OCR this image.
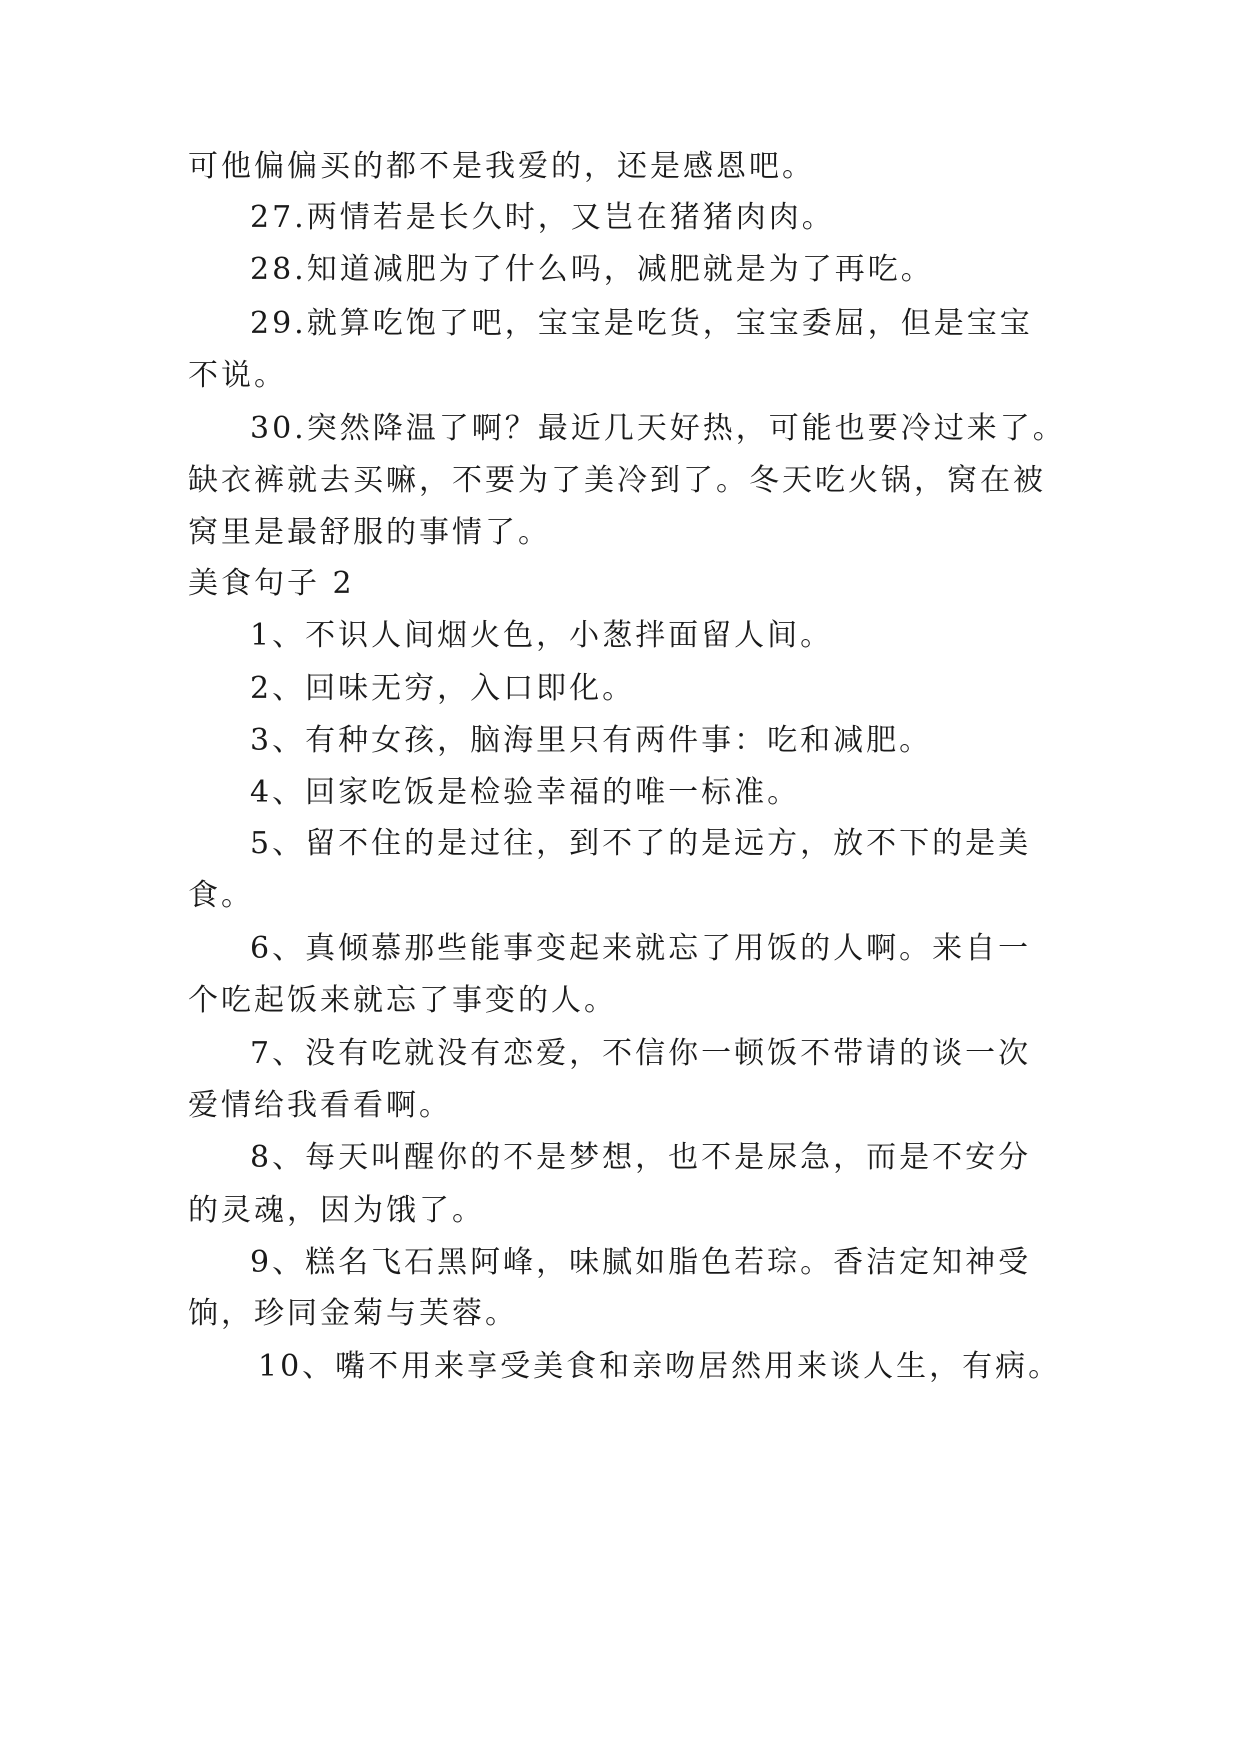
可他偏偏买的都不是我爱的，还是感恩吧。
27.两情若是长久时，又岂在猪猪肉肉。
28.知道减肥为了什么吗，减肥就是为了再吃。
29.就算吃饱了吧，宝宝是吃货，宝宝委屈，但是宝宝
不说。
30.突然降温了啊？最近几天好热，可能也要冷过来了。
缺衣裤就去买嘛，不要为了美冷到了。冬天吃火锅，窝在被
窝里是最舒服的事情了。
美食句子 2
1、不识人间烟火色，小葱拌面留人间。
2、回味无穷，入口即化。
3、有种女孩，脑海里只有两件事：吃和减肥。
4、回家吃饭是检验幸福的唯一标准。
5、留不住的是过往，到不了的是远方，放不下的是美
食。
6、真倾慕那些能事变起来就忘了用饭的人啊。来自一
个吃起饭来就忘了事变的人。
7、没有吃就没有恋爱，不信你一顿饭不带请的谈一次
爱情给我看看啊。
8、每天叫醒你的不是梦想，也不是尿急，而是不安分
的灵魂，因为饿了。
9、糕名飞石黑阿峰，味腻如脂色若琮。香洁定知神受
饷，珍同金菊与芙蓉。
10、嘴不用来享受美食和亲吻居然用来谈人生，有病。
